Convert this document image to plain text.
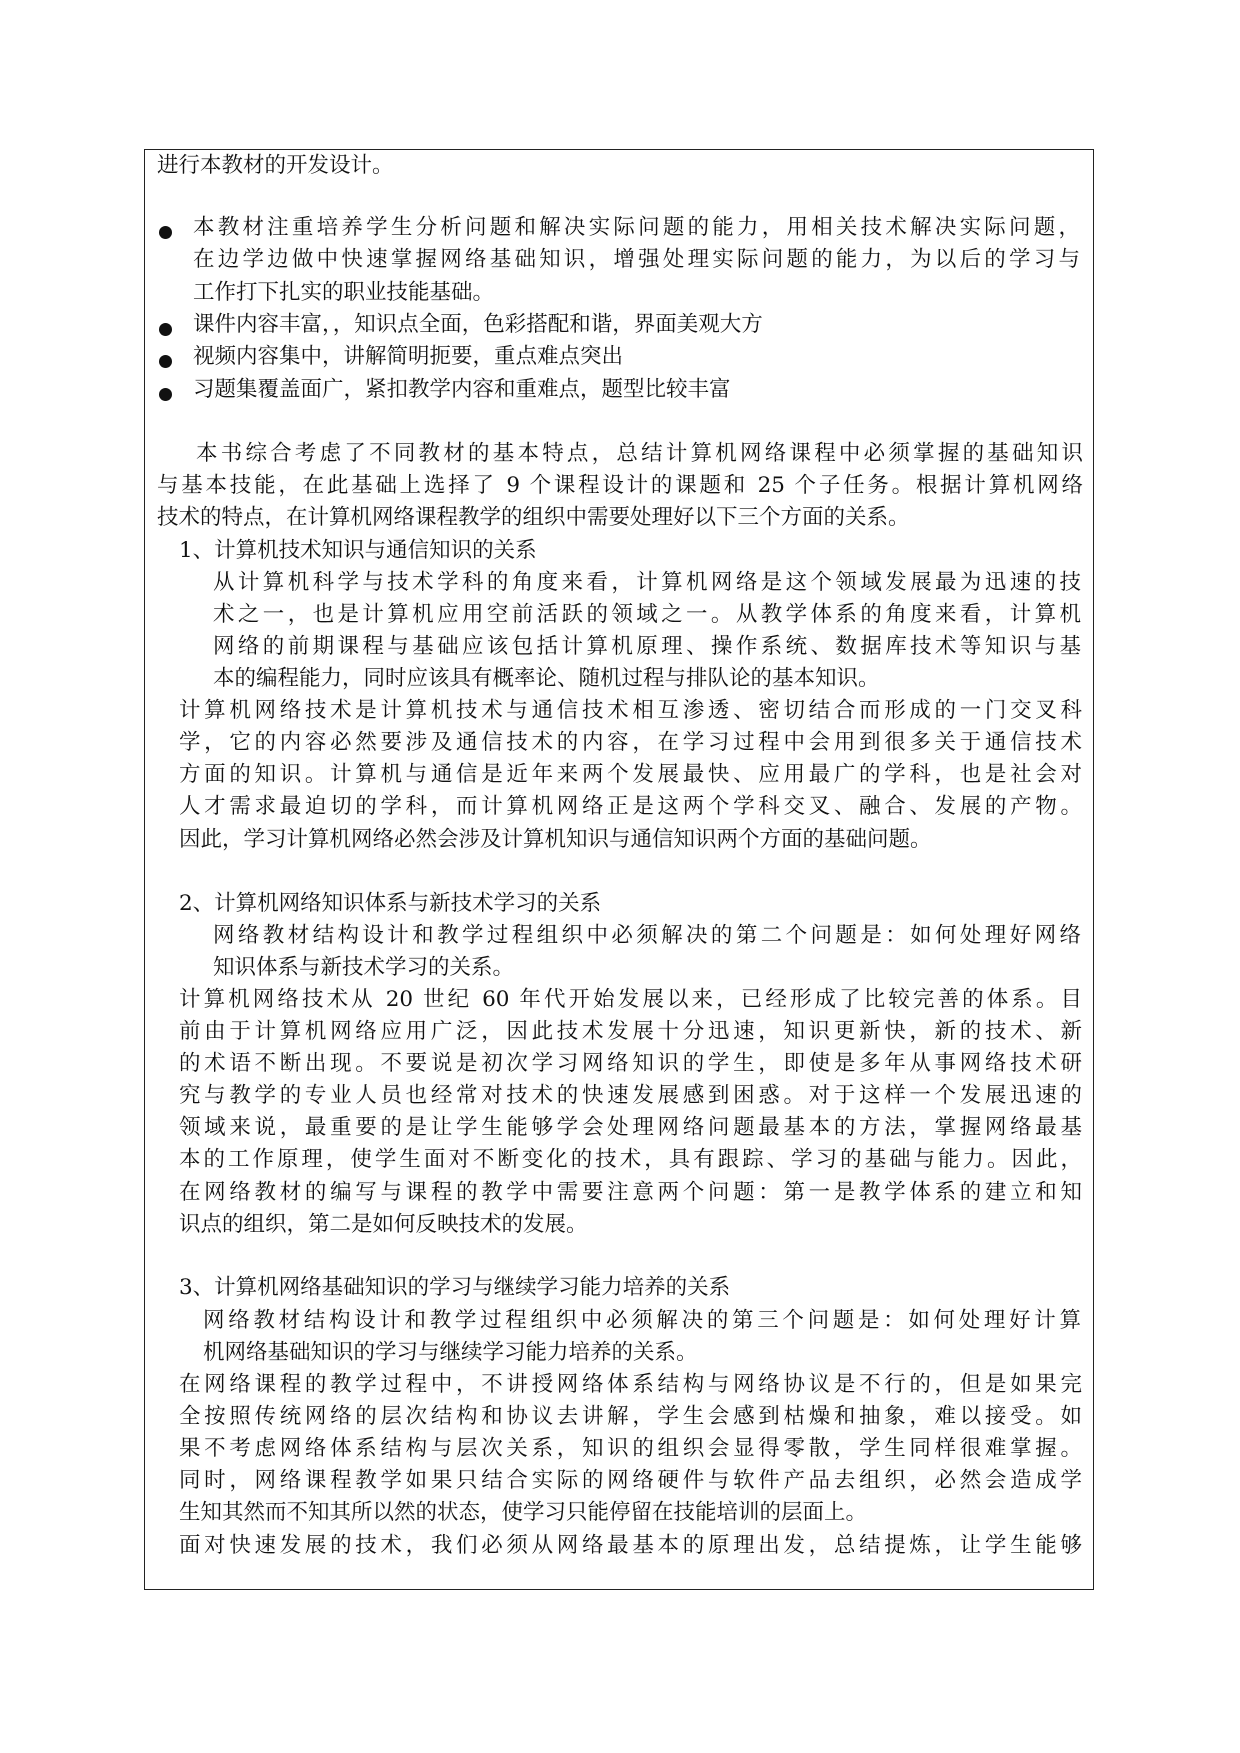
进行本教材的开发设计。
本教材注重培养学生分析问题和解决实际问题的能力，用相关技术解决实际问题，
在边学边做中快速掌握网络基础知识，增强处理实际问题的能力，为以后的学习与
工作打下扎实的职业技能基础。
课件内容丰富，，知识点全面，色彩搭配和谐，界面美观大方
视频内容集中，讲解简明扼要，重点难点突出
习题集覆盖面广，紧扣教学内容和重难点，题型比较丰富
本书综合考虑了不同教材的基本特点，总结计算机网络课程中必须掌握的基础知识
与基本技能，在此基础上选择了 9 个课程设计的课题和 25 个子任务。根据计算机网络
技术的特点，在计算机网络课程教学的组织中需要处理好以下三个方面的关系。
1、计算机技术知识与通信知识的关系
从计算机科学与技术学科的角度来看，计算机网络是这个领域发展最为迅速的技
术之一，也是计算机应用空前活跃的领域之一。从教学体系的角度来看，计算机
网络的前期课程与基础应该包括计算机原理、操作系统、数据库技术等知识与基
本的编程能力，同时应该具有概率论、随机过程与排队论的基本知识。
计算机网络技术是计算机技术与通信技术相互渗透、密切结合而形成的一门交叉科
学，它的内容必然要涉及通信技术的内容，在学习过程中会用到很多关于通信技术
方面的知识。计算机与通信是近年来两个发展最快、应用最广的学科，也是社会对
人才需求最迫切的学科，而计算机网络正是这两个学科交叉、融合、发展的产物。
因此，学习计算机网络必然会涉及计算机知识与通信知识两个方面的基础问题。
2、计算机网络知识体系与新技术学习的关系
网络教材结构设计和教学过程组织中必须解决的第二个问题是：如何处理好网络
知识体系与新技术学习的关系。
计算机网络技术从 20 世纪 60 年代开始发展以来，已经形成了比较完善的体系。目
前由于计算机网络应用广泛，因此技术发展十分迅速，知识更新快，新的技术、新
的术语不断出现。不要说是初次学习网络知识的学生，即使是多年从事网络技术研
究与教学的专业人员也经常对技术的快速发展感到困惑。对于这样一个发展迅速的
领域来说，最重要的是让学生能够学会处理网络问题最基本的方法，掌握网络最基
本的工作原理，使学生面对不断变化的技术，具有跟踪、学习的基础与能力。因此，
在网络教材的编写与课程的教学中需要注意两个问题：第一是教学体系的建立和知
识点的组织，第二是如何反映技术的发展。
3、计算机网络基础知识的学习与继续学习能力培养的关系
网络教材结构设计和教学过程组织中必须解决的第三个问题是：如何处理好计算
机网络基础知识的学习与继续学习能力培养的关系。
在网络课程的教学过程中，不讲授网络体系结构与网络协议是不行的，但是如果完
全按照传统网络的层次结构和协议去讲解，学生会感到枯燥和抽象，难以接受。如
果不考虑网络体系结构与层次关系，知识的组织会显得零散，学生同样很难掌握。
同时，网络课程教学如果只结合实际的网络硬件与软件产品去组织，必然会造成学
生知其然而不知其所以然的状态，使学习只能停留在技能培训的层面上。
面对快速发展的技术，我们必须从网络最基本的原理出发，总结提炼，让学生能够
